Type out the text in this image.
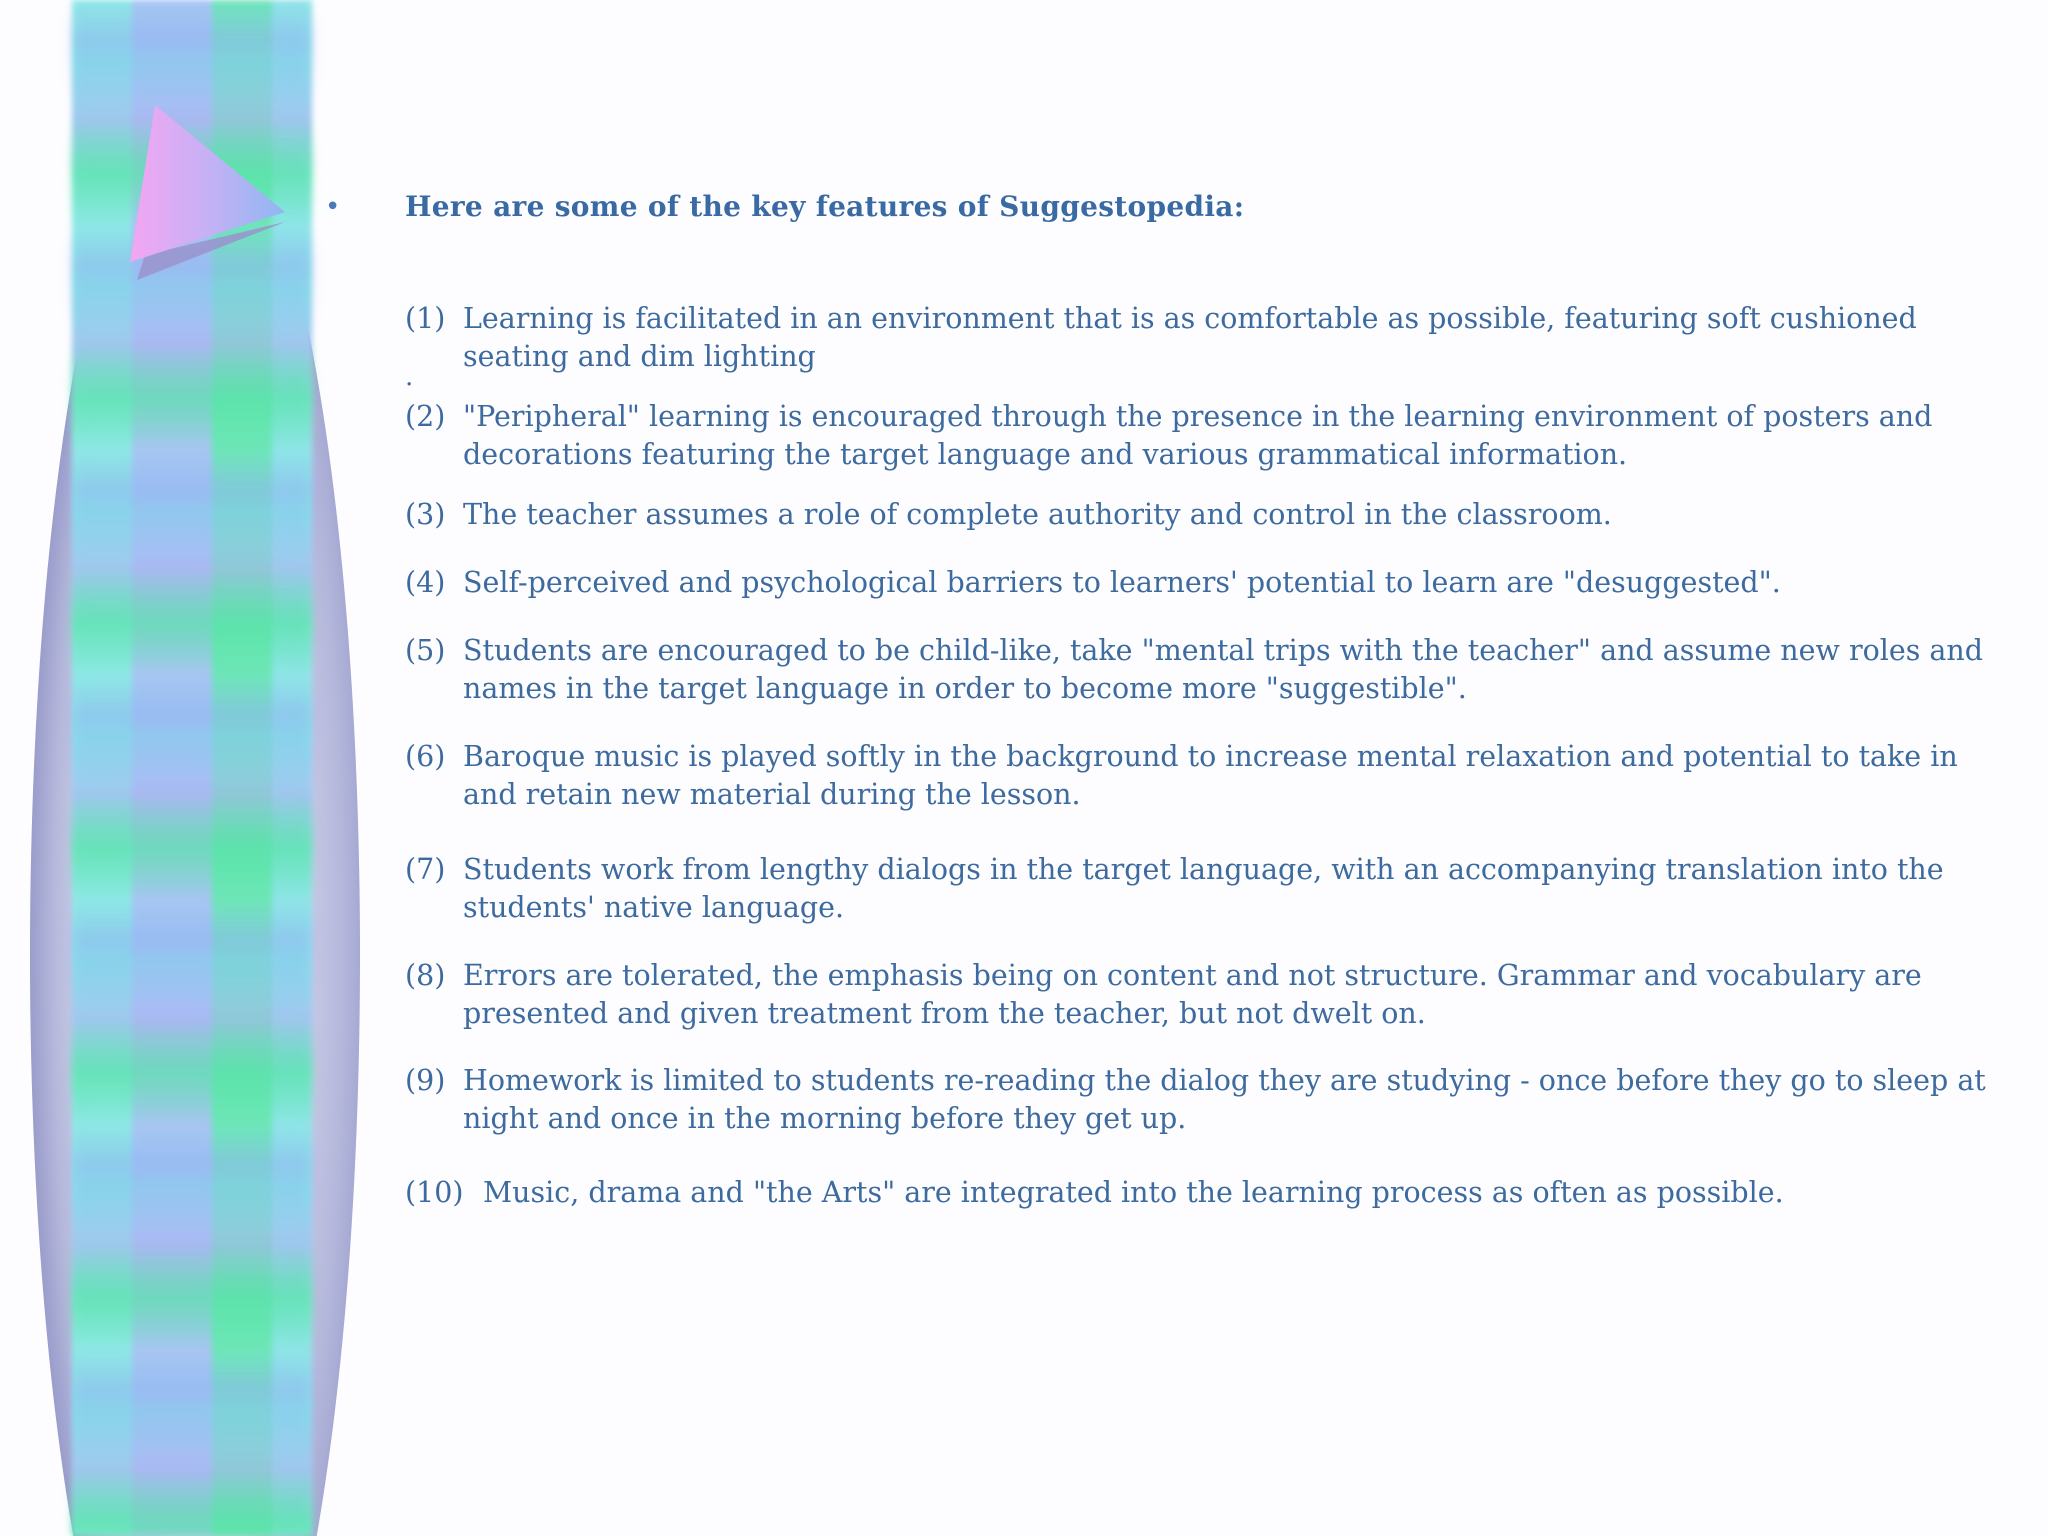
• Here are some of the key features of Suggestopedia:
.
(1) Learning is facilitated in an environment that is as comfortable as possible, featuring soft cushioned seating and dim lighting
(2) "Peripheral" learning is encouraged through the presence in the learning environment of posters and decorations featuring the target language and various grammatical information.
(3) The teacher assumes a role of complete authority and control in the classroom.
(4) Self-perceived and psychological barriers to learners' potential to learn are "desuggested".
(5) Students are encouraged to be child-like, take "mental trips with the teacher" and assume new roles and names in the target language in order to become more "suggestible".
(6) Baroque music is played softly in the background to increase mental relaxation and potential to take in and retain new material during the lesson.
(7) Students work from lengthy dialogs in the target language, with an accompanying translation into the students' native language.
(8) Errors are tolerated, the emphasis being on content and not structure. Grammar and vocabulary are presented and given treatment from the teacher, but not dwelt on.
(9) Homework is limited to students re-reading the dialog they are studying - once before they go to sleep at night and once in the morning before they get up.
(10) Music, drama and "the Arts" are integrated into the learning process as often as possible.
